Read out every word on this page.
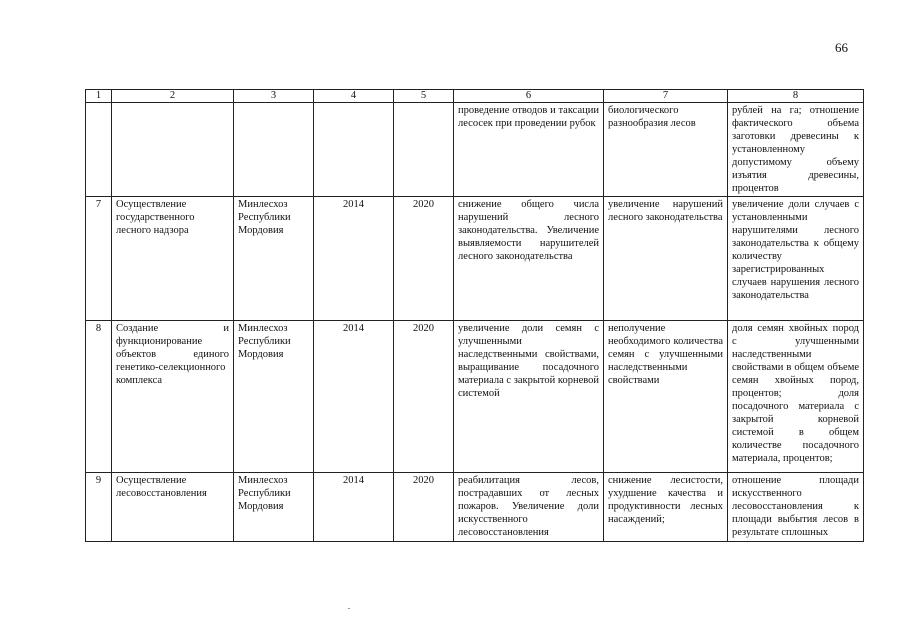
66
1	2	3	4	5	6	7	8
					проведение отводов и таксации лесосек при проведении рубок	биологического разнообразия лесов	рублей на га; отношение фактического объема заготовки древесины к установленному допустимому объему изъятия древесины, процентов
7	Осуществление государственного лесного надзора	Минлесхоз Республики Мордовия	2014	2020	снижение общего числа нарушений лесного законодательства. Увеличение выявляемости нарушителей лесного законодательства	увеличение нарушений лесного законодательства	увеличение доли случаев с установленными нарушителями лесного законодательства к общему количеству зарегистрированных случаев нарушения лесного законодательства
8	Создание и функционирование объектов единого генетико-селекционного комплекса	Минлесхоз Республики Мордовия	2014	2020	увеличение доли семян с улучшенными наследственными свойствами, выращивание посадочного материала с закрытой корневой системой	неполучение необходимого количества семян с улучшенными наследственными свойствами	доля семян хвойных пород с улучшенными наследственными свойствами в общем объеме семян хвойных пород, процентов; доля посадочного материала с закрытой корневой системой в общем количестве посадочного материала, процентов;
9	Осуществление лесовосстановления	Минлесхоз Республики Мордовия	2014	2020	реабилитация лесов, пострадавших от лесных пожаров. Увеличение доли искусственного лесовосстановления	снижение лесистости, ухудшение качества и продуктивности лесных насаждений;	отношение площади искусственного лесовосстановления к площади выбытия лесов в результате сплошных
